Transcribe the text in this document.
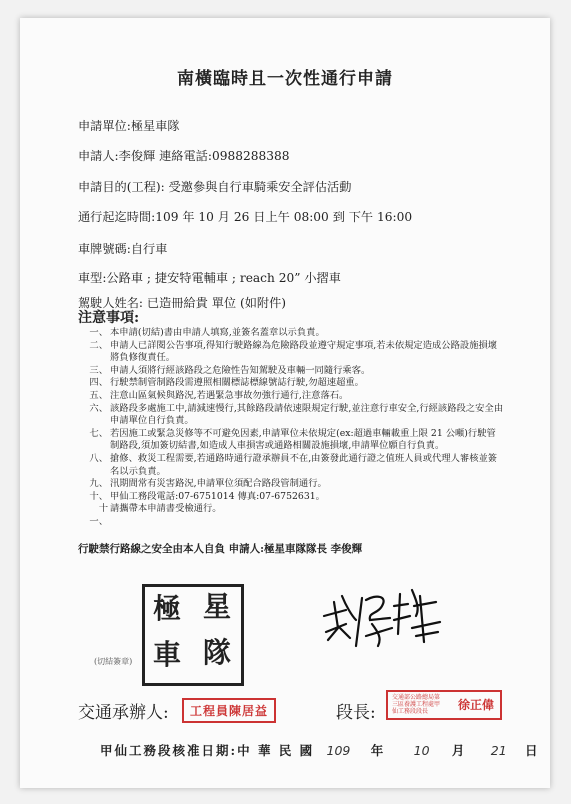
南橫臨時且一次性通行申請
申請單位:極星車隊
申請人:李俊輝 連絡電話:0988288388
申請目的(工程): 受邀參與自行車騎乘安全評估活動
通行起迄時間:109 年 10 月 26 日上午 08:00 到 下午 16:00
車牌號碼:自行車
車型:公路車 ; 捷安特電輔車 ; reach 20” 小摺車
駕駛人姓名: 已造冊給貴 單位 (如附件)
注意事項:
一、 本申請(切結)書由申請人填寫,並簽名蓋章以示負責。
二、 申請人已詳閱公告事項,得知行駛路線為危險路段並遵守規定事項,若未依規定造成公路設施損壞將負修復責任。
三、 申請人須將行經該路段之危險性告知駕駛及車輛一同隨行乘客。
四、 行駛禁制管制路段需遵照相關標誌標線號誌行駛,勿超速超重。
五、 注意山區氣候與路況,若遇緊急事故勿強行通行,注意落石。
六、 該路段多處施工中,請減速慢行,其餘路段請依速限規定行駛,並注意行車安全,行經該路段之安全由申請單位自行負責。
七、 若因施工或緊急災修等不可避免因素,申請單位未依規定(ex:超過車輛載重上限 21 公噸)行駛管制路段,須加簽切結書,如造成人車損害或通路相關設施損壞,申請單位願自行負責。
八、 搶修、救災工程需要,若通路時通行證承辦員不在,由簽發此通行證之值班人員或代理人審核並簽名以示負責。
九、 汛期間常有災害路況,申請單位須配合路段管制通行。
十、 甲仙工務段電話:07-6751014 傳真:07-6752631。
十一、
請攜帶本申請書受檢通行。
行駛禁行路線之安全由本人自負 申請人:極星車隊隊長 李俊輝
星
極
隊
車
(切結簽章)
交通承辦人:	工程員陳居益	段長:
交通部公路總局第三區養護工程處甲仙工務段段長	徐正偉
甲仙工務段核准日期:中 華 民 國 109 年 10 月 21 日
